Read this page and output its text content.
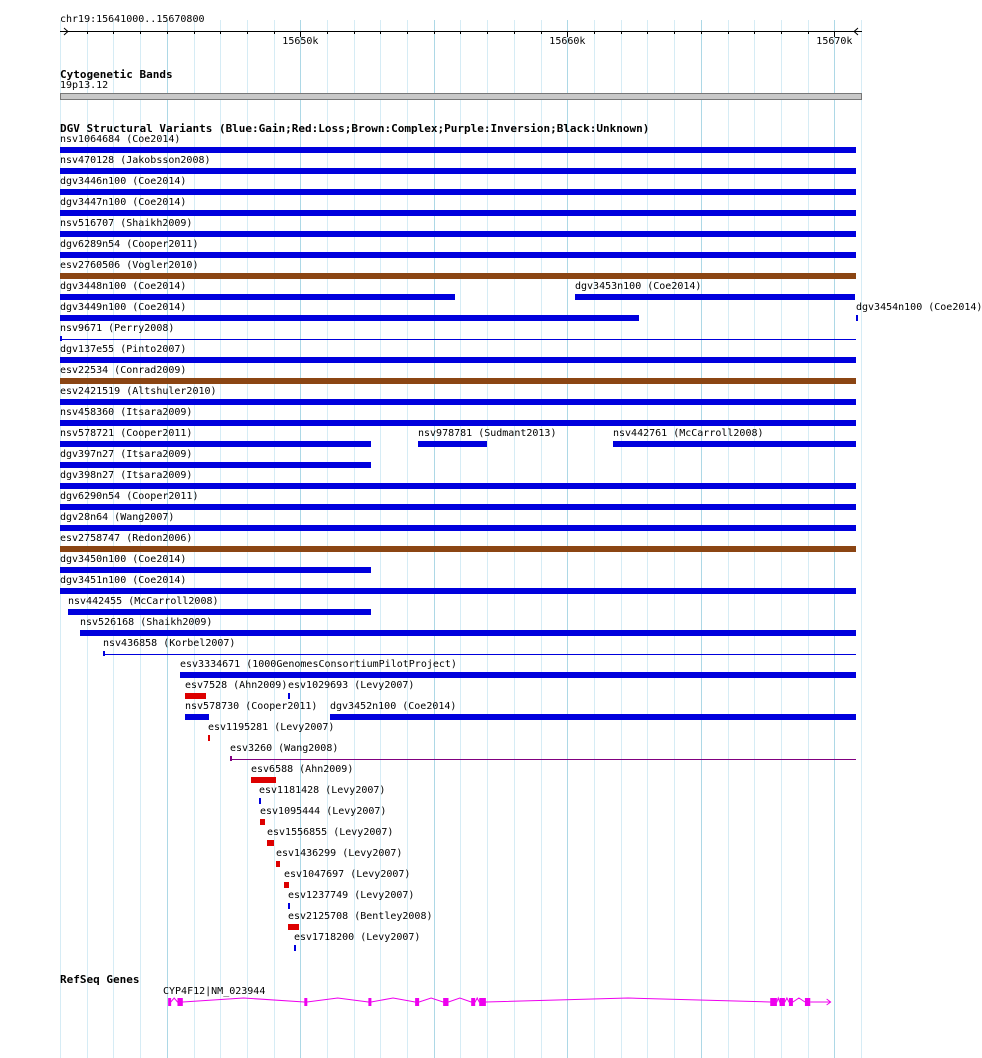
chr19:15641000..15670800
15650k	15660k	15670k
Cytogenetic Bands
19p13.12
DGV Structural Variants (Blue:Gain;Red:Loss;Brown:Complex;Purple:Inversion;Black:Unknown)
nsv1064684 (Coe2014)
nsv470128 (Jakobsson2008)
dgv3446n100 (Coe2014)
dgv3447n100 (Coe2014)
nsv516707 (Shaikh2009)
dgv6289n54 (Cooper2011)
esv2760506 (Vogler2010)
dgv3448n100 (Coe2014)	dgv3453n100 (Coe2014)
dgv3449n100 (Coe2014)	dgv3454n100 (Coe2014)
nsv9671 (Perry2008)
dgv137e55 (Pinto2007)
esv22534 (Conrad2009)
esv2421519 (Altshuler2010)
nsv458360 (Itsara2009)
nsv578721 (Cooper2011)	nsv978781 (Sudmant2013)	nsv442761 (McCarroll2008)
dgv397n27 (Itsara2009)
dgv398n27 (Itsara2009)
dgv6290n54 (Cooper2011)
dgv28n64 (Wang2007)
esv2758747 (Redon2006)
dgv3450n100 (Coe2014)
dgv3451n100 (Coe2014)
nsv442455 (McCarroll2008)
nsv526168 (Shaikh2009)
nsv436858 (Korbel2007)
esv3334671 (1000GenomesConsortiumPilotProject)
esv7528 (Ahn2009) esv1029693 (Levy2007)
nsv578730 (Cooper2011) dgv3452n100 (Coe2014)
esv1195281 (Levy2007)
esv3260 (Wang2008)
esv6588 (Ahn2009)
esv1181428 (Levy2007)
esv1095444 (Levy2007)
esv1556855 (Levy2007)
esv1436299 (Levy2007)
esv1047697 (Levy2007)
esv1237749 (Levy2007)
esv2125708 (Bentley2008)
esv1718200 (Levy2007)
RefSeq Genes
CYP4F12|NM_023944
